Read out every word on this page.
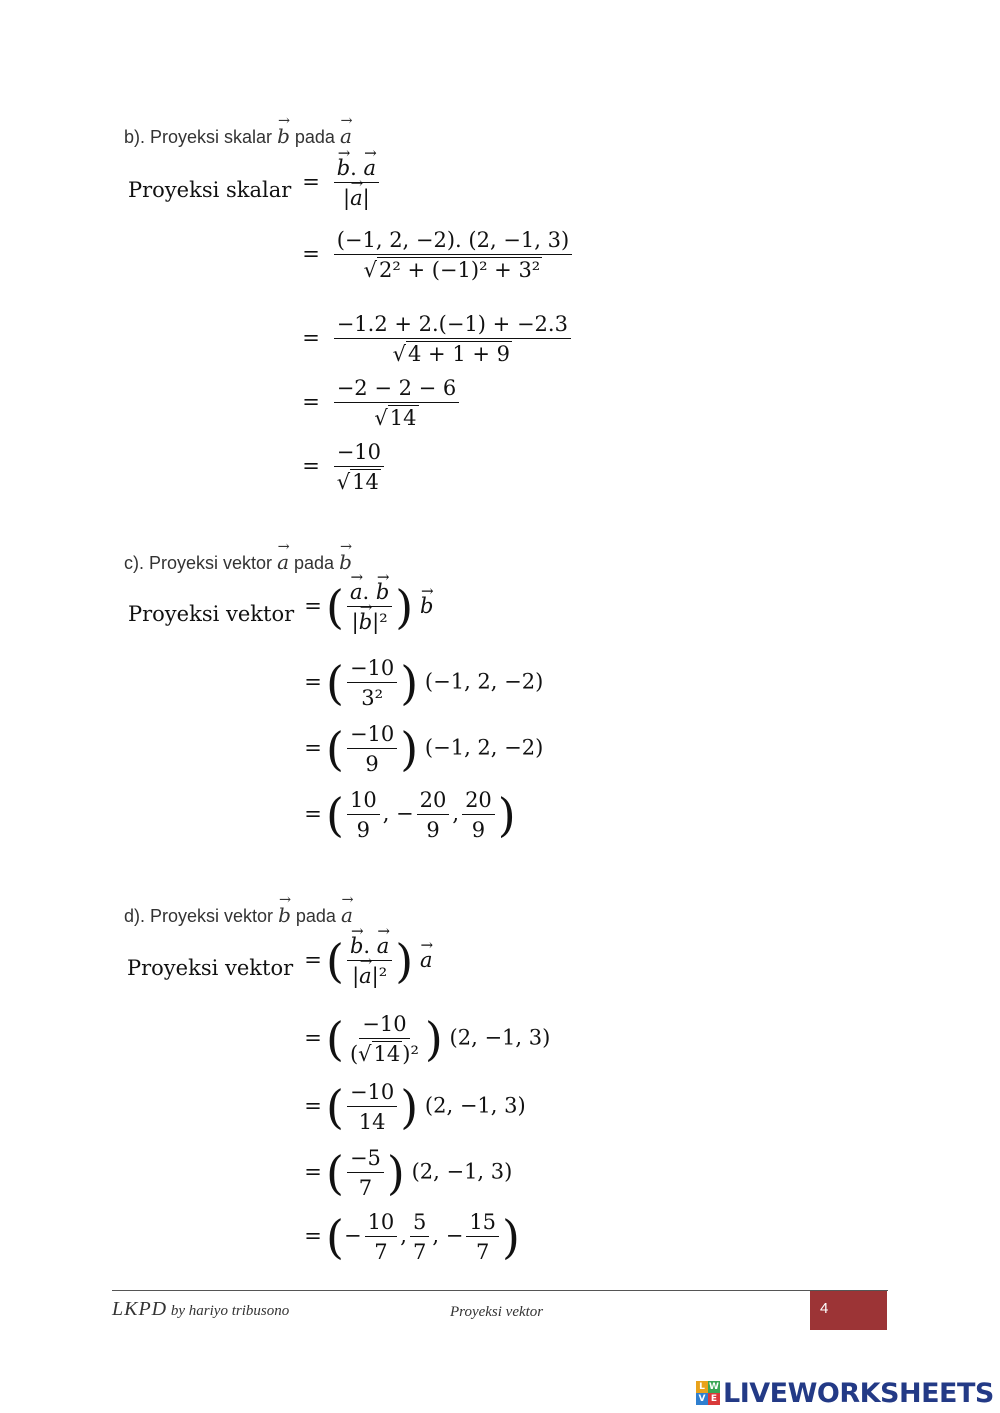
b). Proyeksi skalar → b pada → a
Proyeksi skalar = → $\frac{b. \to a}{|\to a|}$
= $\frac{(-1, 2, -2). (2, -1, 3)}{\text{√2² + (−1)² + 3²}}$
= $\frac{-1.2 + 2.(-1) + -2.3}{√4 + 1 + 9}$
= $\frac{-2 - 2 - 6}{√14}$
= $\frac{-10}{√14}$
c). Proyeksi vektor → a pada → b
Proyeksi vektor =( → $\frac{a. \to b}{\text{|→ b|²}}$ ) → b
=( $\frac{-10}{\text{3²}}$ ) (−1, 2, −2)
=( $\frac{-10}{9}$ ) (−1, 2, −2)
=( $\frac{10}{9}$ , − $\frac{20}{9}$ , $\frac{20}{9}$ )
d). Proyeksi vektor → b pada → a
Proyeksi vektor =( → $\frac{b. \to a}{\text{|→ a|²}}$ ) → a
=( $\frac{-10}{\text{(√14)²}}$ ) (2, −1, 3)
=( $\frac{-10}{14}$ ) (2, −1, 3)
=( $\frac{-5}{7}$ ) (2, −1, 3)
=(− $\frac{10}{7}$ , $\frac{5}{7}$ , − $\frac{15}{7}$ )
LKPD by hariyo tribusono	Proyeksi vektor	4
L W
V E LIVEWORKSHEETS
